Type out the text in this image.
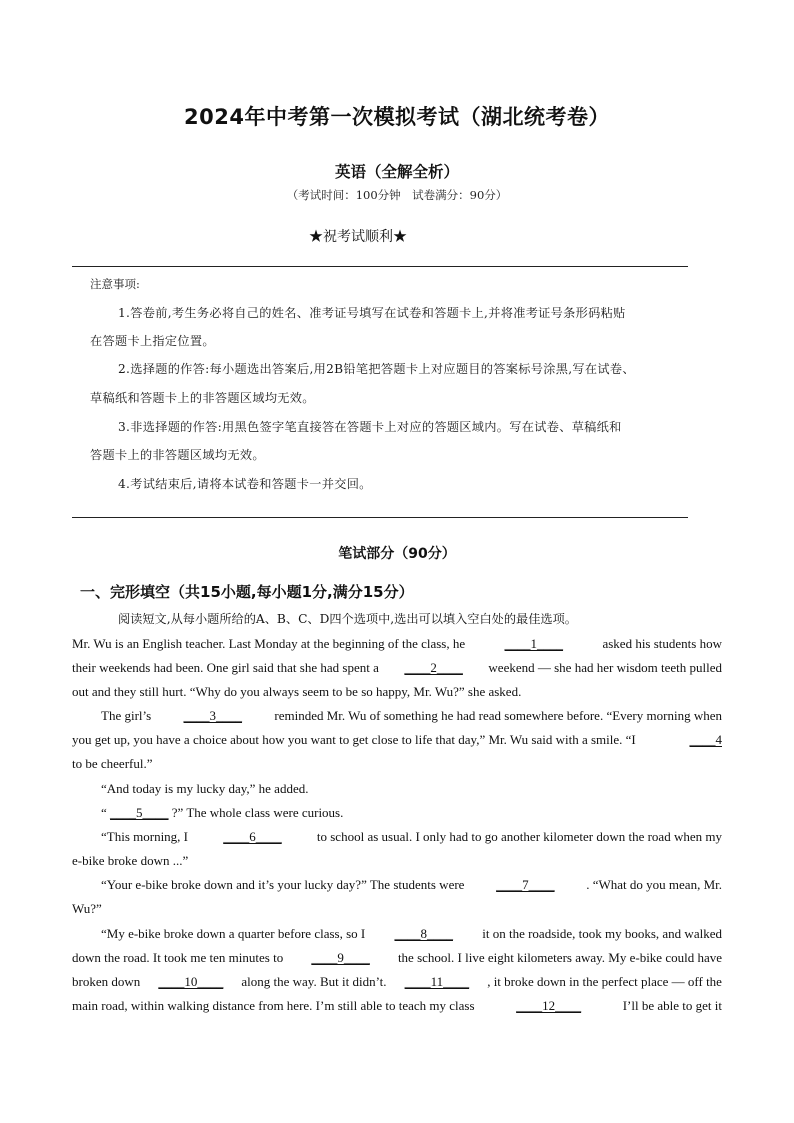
2024年中考第一次模拟考试（湖北统考卷）
英语（全解全析）
（考试时间：100分钟　试卷满分：90分）
★祝考试顺利★
注意事项:
1.答卷前,考生务必将自己的姓名、准考证号填写在试卷和答题卡上,并将准考证号条形码粘贴
在答题卡上指定位置。
2.选择题的作答:每小题选出答案后,用2B铅笔把答题卡上对应题目的答案标号涂黑,写在试卷、
草稿纸和答题卡上的非答题区域均无效。
3.非选择题的作答:用黑色签字笔直接答在答题卡上对应的答题区域内。写在试卷、草稿纸和
答题卡上的非答题区域均无效。
4.考试结束后,请将本试卷和答题卡一并交回。
笔试部分（90分）
一、完形填空（共15小题,每小题1分,满分15分）
阅读短文,从每小题所给的A、B、C、D四个选项中,选出可以填入空白处的最佳选项。
Mr. Wu is an English teacher. Last Monday at the beginning of the class, he	____1____	asked his students how
their weekends had been. One girl said that she had spent a ____2____ weekend — she had her wisdom teeth pulled
out and they still hurt. “Why do you always seem to be so happy, Mr. Wu?” she asked.
The girl’s ____3____ reminded Mr. Wu of something he had read somewhere before. “Every morning when
you get up, you have a choice about how you want to get close to life that day,” Mr. Wu said with a smile. “I	____4
to be cheerful.”
“And today is my lucky day,” he added.
“ ____5____ ?” The whole class were curious.
“This morning, I	____6____	to school as usual. I only had to go another kilometer down the road when my
e-bike broke down ...”
“Your e-bike broke down and it’s your lucky day?” The students were ____7____ . “What do you mean, Mr.
Wu?”
“My e-bike broke down a quarter before class, so I ____8____ it on the roadside, took my books, and walked
down the road. It took me ten minutes to ____9____ the school. I live eight kilometers away. My e-bike could have
broken down ____10____ along the way. But it didn’t. ____11____ , it broke down in the perfect place — off the
main road, within walking distance from here. I’m still able to teach my class	____12____	I’ll be able to get it
